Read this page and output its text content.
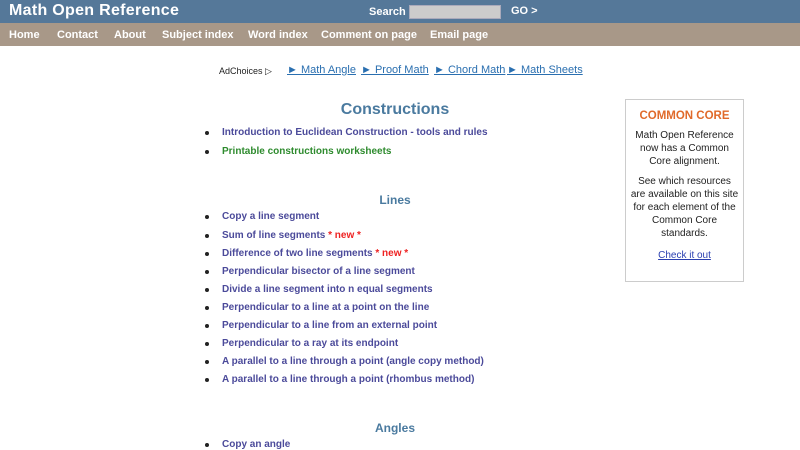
Math Open Reference	Search	GO >
Home Contact About Subject index Word index Comment on page Email page
AdChoices ▷ ► Math Angle ► Proof Math ► Chord Math ► Math Sheets
Constructions
Introduction to Euclidean Construction - tools and rules
Printable constructions worksheets
Lines
Copy a line segment
Sum of line segments * new *
Difference of two line segments * new *
Perpendicular bisector of a line segment
Divide a line segment into n equal segments
Perpendicular to a line at a point on the line
Perpendicular to a line from an external point
Perpendicular to a ray at its endpoint
A parallel to a line through a point (angle copy method)
A parallel to a line through a point (rhombus method)
Angles
Copy an angle
COMMON CORE
Math Open Reference now has a Common Core alignment.
See which resources are available on this site for each element of the Common Core standards.
Check it out
